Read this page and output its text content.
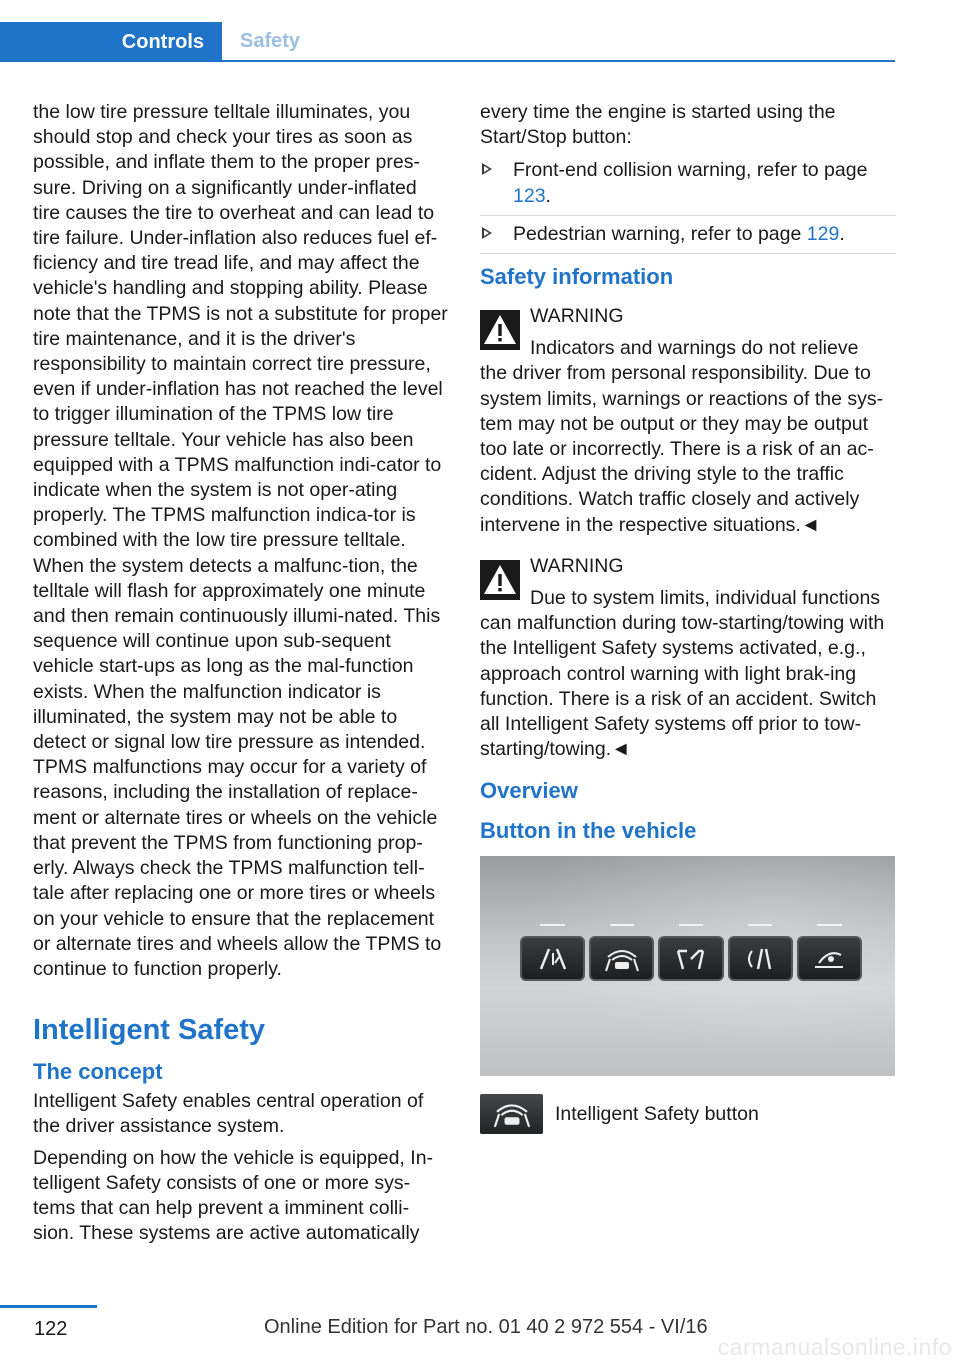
Controls	Safety

the low tire pressure telltale illuminates, you should stop and check your tires as soon as possible, and inflate them to the proper pres-sure. Driving on a significantly under-inflated tire causes the tire to overheat and can lead to tire failure. Under-inflation also reduces fuel ef-ficiency and tire tread life, and may affect the vehicle's handling and stopping ability. Please note that the TPMS is not a substitute for proper tire maintenance, and it is the driver's responsibility to maintain correct tire pressure, even if under-inflation has not reached the level to trigger illumination of the TPMS low tire pressure telltale. Your vehicle has also been equipped with a TPMS malfunction indi-cator to indicate when the system is not oper-ating properly. The TPMS malfunction indica-tor is combined with the low tire pressure telltale. When the system detects a malfunc-tion, the telltale will flash for approximately one minute and then remain continuously illumi-nated. This sequence will continue upon sub-sequent vehicle start-ups as long as the mal-function exists. When the malfunction indicator is illuminated, the system may not be able to detect or signal low tire pressure as intended. TPMS malfunctions may occur for a variety of reasons, including the installation of replace-ment or alternate tires or wheels on the vehicle that prevent the TPMS from functioning prop-erly. Always check the TPMS malfunction tell-tale after replacing one or more tires or wheels on your vehicle to ensure that the replacement or alternate tires and wheels allow the TPMS to continue to function properly.

Intelligent Safety
The concept

Intelligent Safety enables central operation of the driver assistance system.

Depending on how the vehicle is equipped, In-telligent Safety consists of one or more sys-tems that can help prevent a imminent colli-sion. These systems are active automatically

every time the engine is started using the Start/Stop button:

Front-end collision warning, refer to page 123.
Pedestrian warning, refer to page 129.
Safety information

WARNING

Indicators and warnings do not relieve

the driver from personal responsibility. Due to system limits, warnings or reactions of the sys-tem may not be output or they may be output too late or incorrectly. There is a risk of an ac-cident. Adjust the driving style to the traffic conditions. Watch traffic closely and actively intervene in the respective situations.◄

WARNING

Due to system limits, individual functions

can malfunction during tow-starting/towing with the Intelligent Safety systems activated, e.g., approach control warning with light brak-ing function. There is a risk of an accident. Switch all Intelligent Safety systems off prior to tow-starting/towing.◄

Overview
Button in the vehicle
Intelligent Safety button
122	Online Edition for Part no. 01 40 2 972 554 - VI/16
carmanualsonline.info
